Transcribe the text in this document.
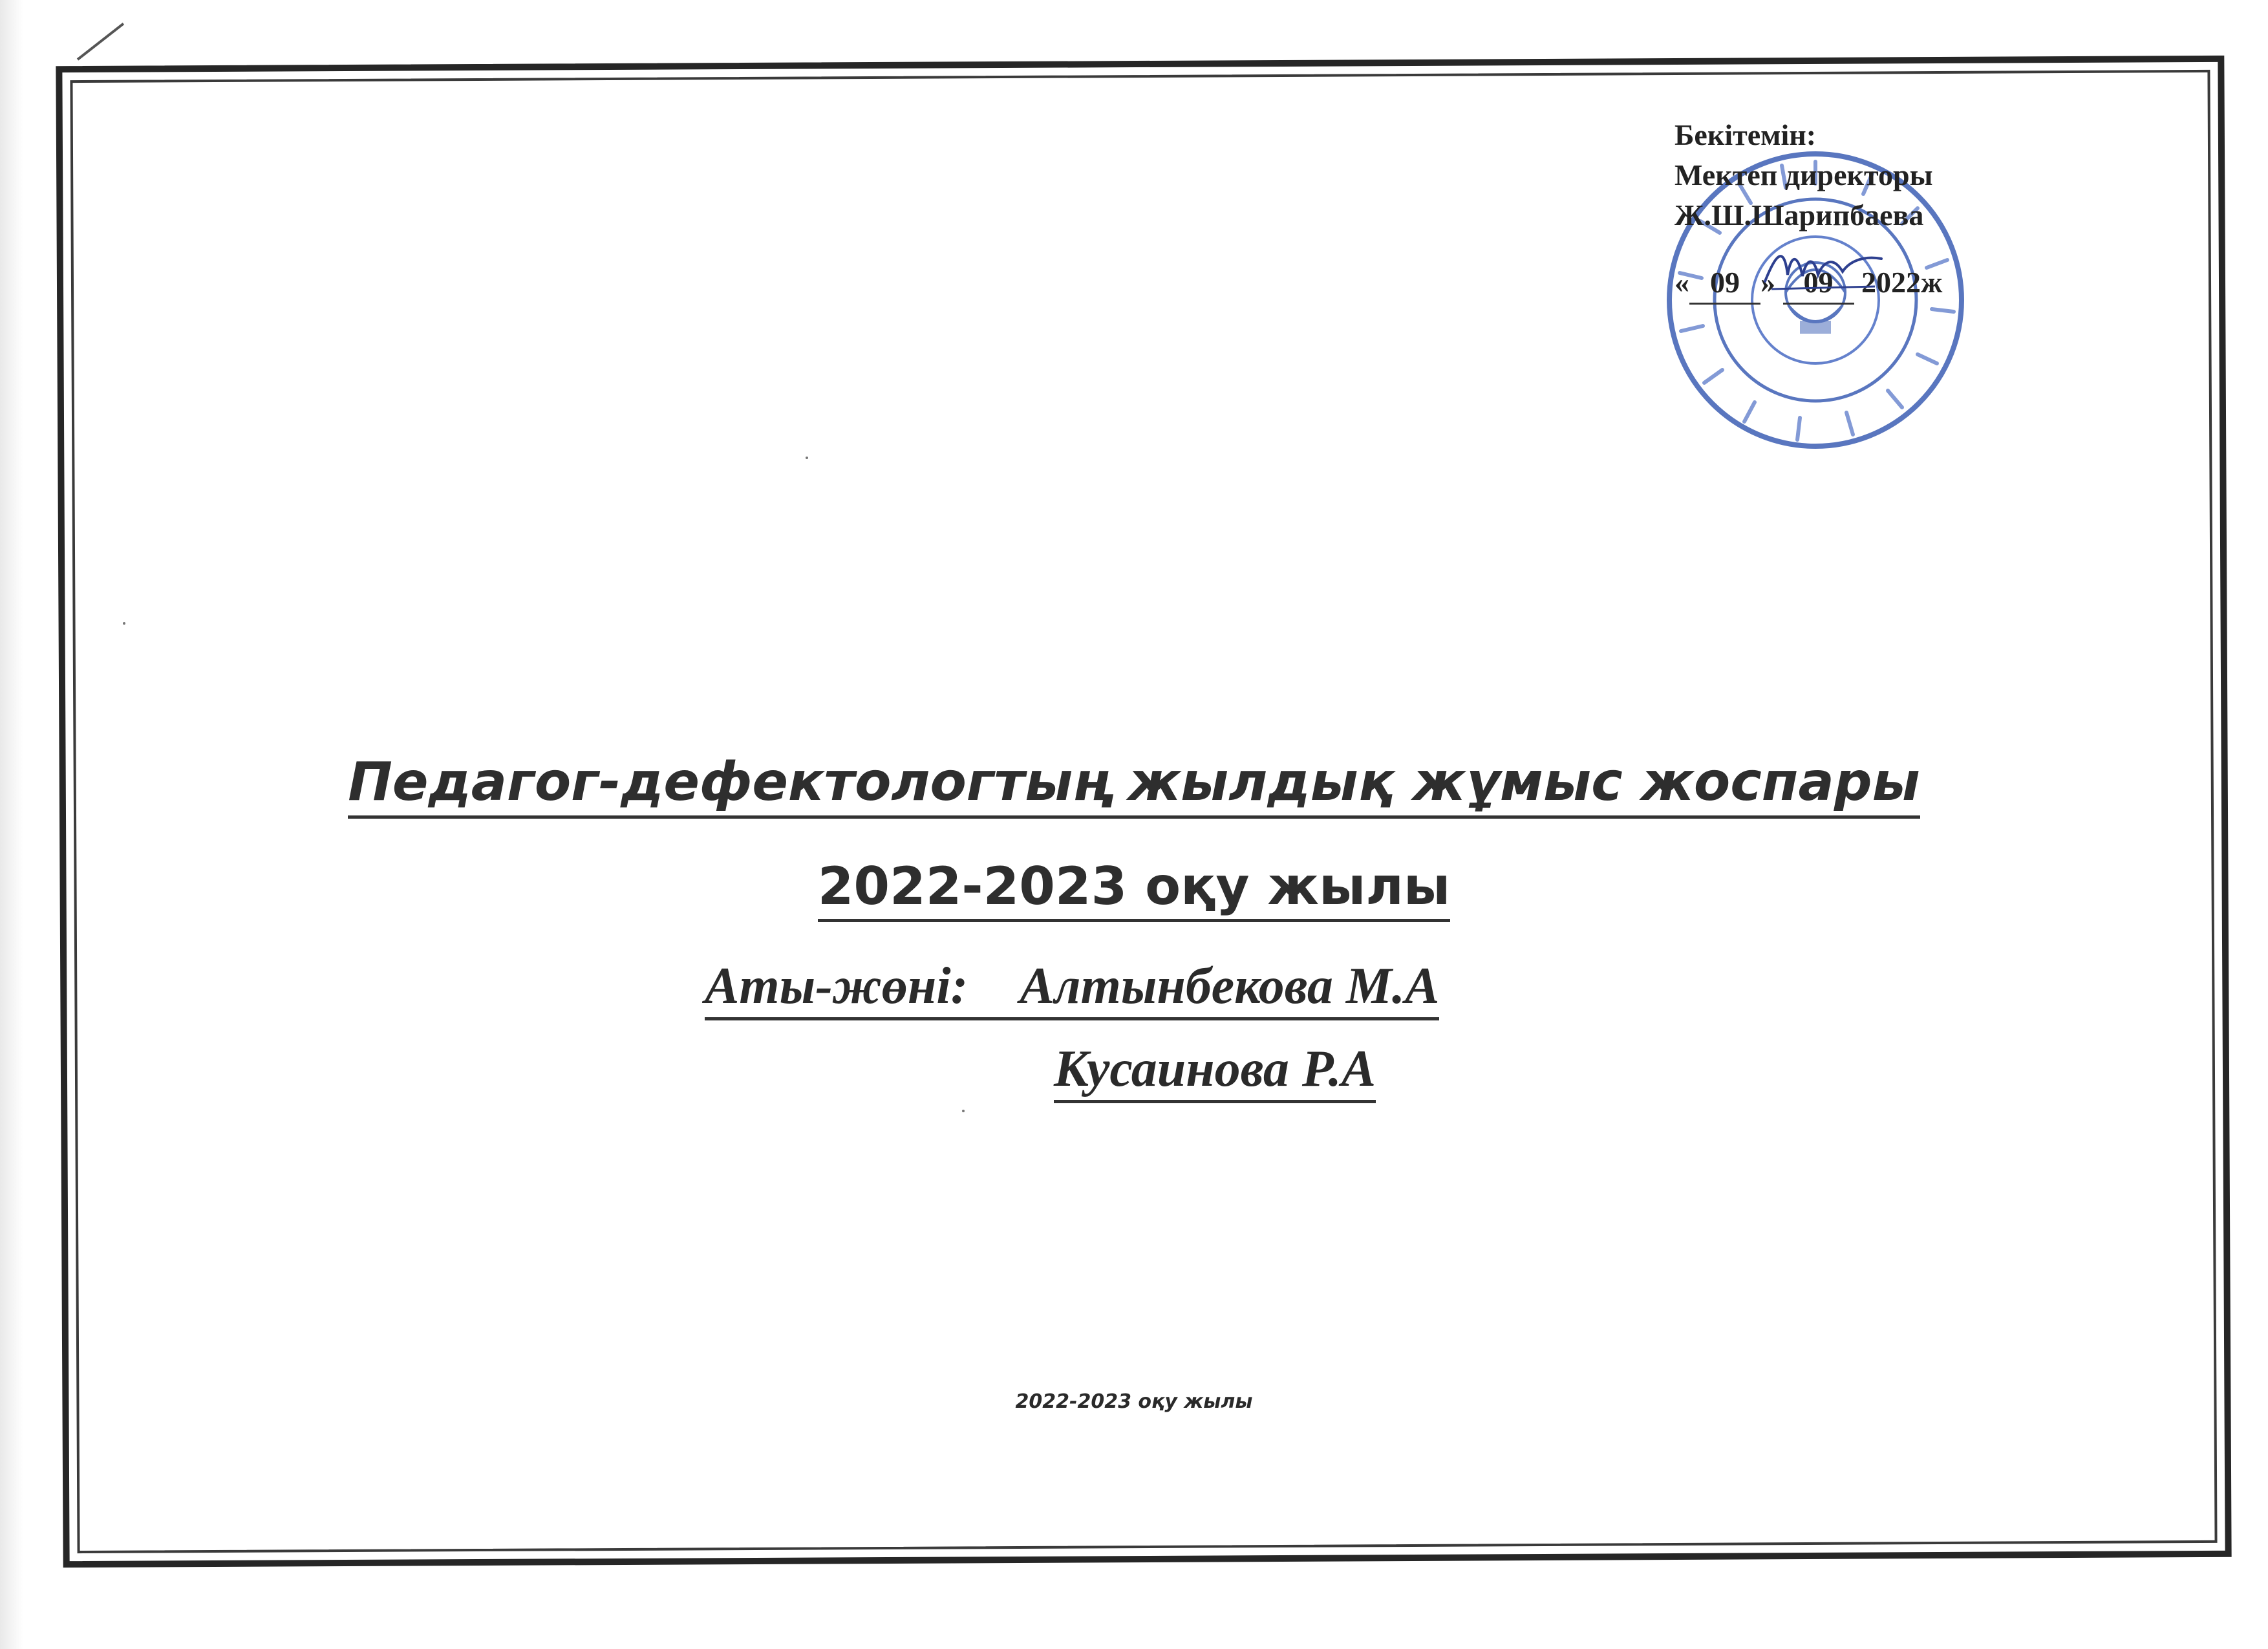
Бекітемін:
Мектеп директоры
Ж.Ш.Шарипбаева
« 09 » 09 2022ж
Педагог-дефектологтың жылдық жұмыс жоспары
2022-2023 оқу жылы
Аты-жөні: Алтынбекова М.А
Кусаинова Р.А
2022-2023 оқу жылы
